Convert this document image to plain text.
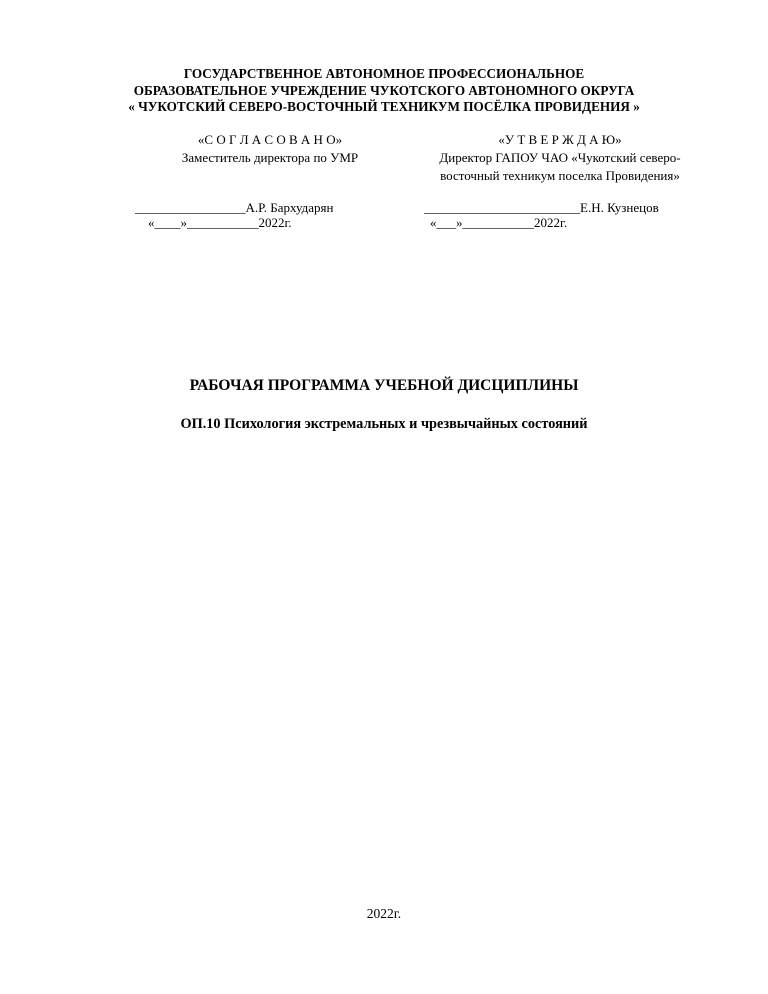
ГОСУДАРСТВЕННОЕ АВТОНОМНОЕ ПРОФЕССИОНАЛЬНОЕ
ОБРАЗОВАТЕЛЬНОЕ УЧРЕЖДЕНИЕ ЧУКОТСКОГО АВТОНОМНОГО ОКРУГА
« ЧУКОТСКИЙ СЕВЕРО-ВОСТОЧНЫЙ ТЕХНИКУМ ПОСЁЛКА ПРОВИДЕНИЯ »
«С О Г Л А С О В А Н О»
Заместитель директора по УМР
«У Т В Е Р Ж Д А Ю»
Директор ГАПОУ ЧАО «Чукотский северо-
восточный техникум поселка Провидения»
_________________А.Р. Бархударян
«____»___________2022г.
________________________Е.Н. Кузнецов
«___»___________2022г.
РАБОЧАЯ ПРОГРАММА УЧЕБНОЙ ДИСЦИПЛИНЫ
ОП.10 Психология экстремальных и чрезвычайных состояний
2022г.
